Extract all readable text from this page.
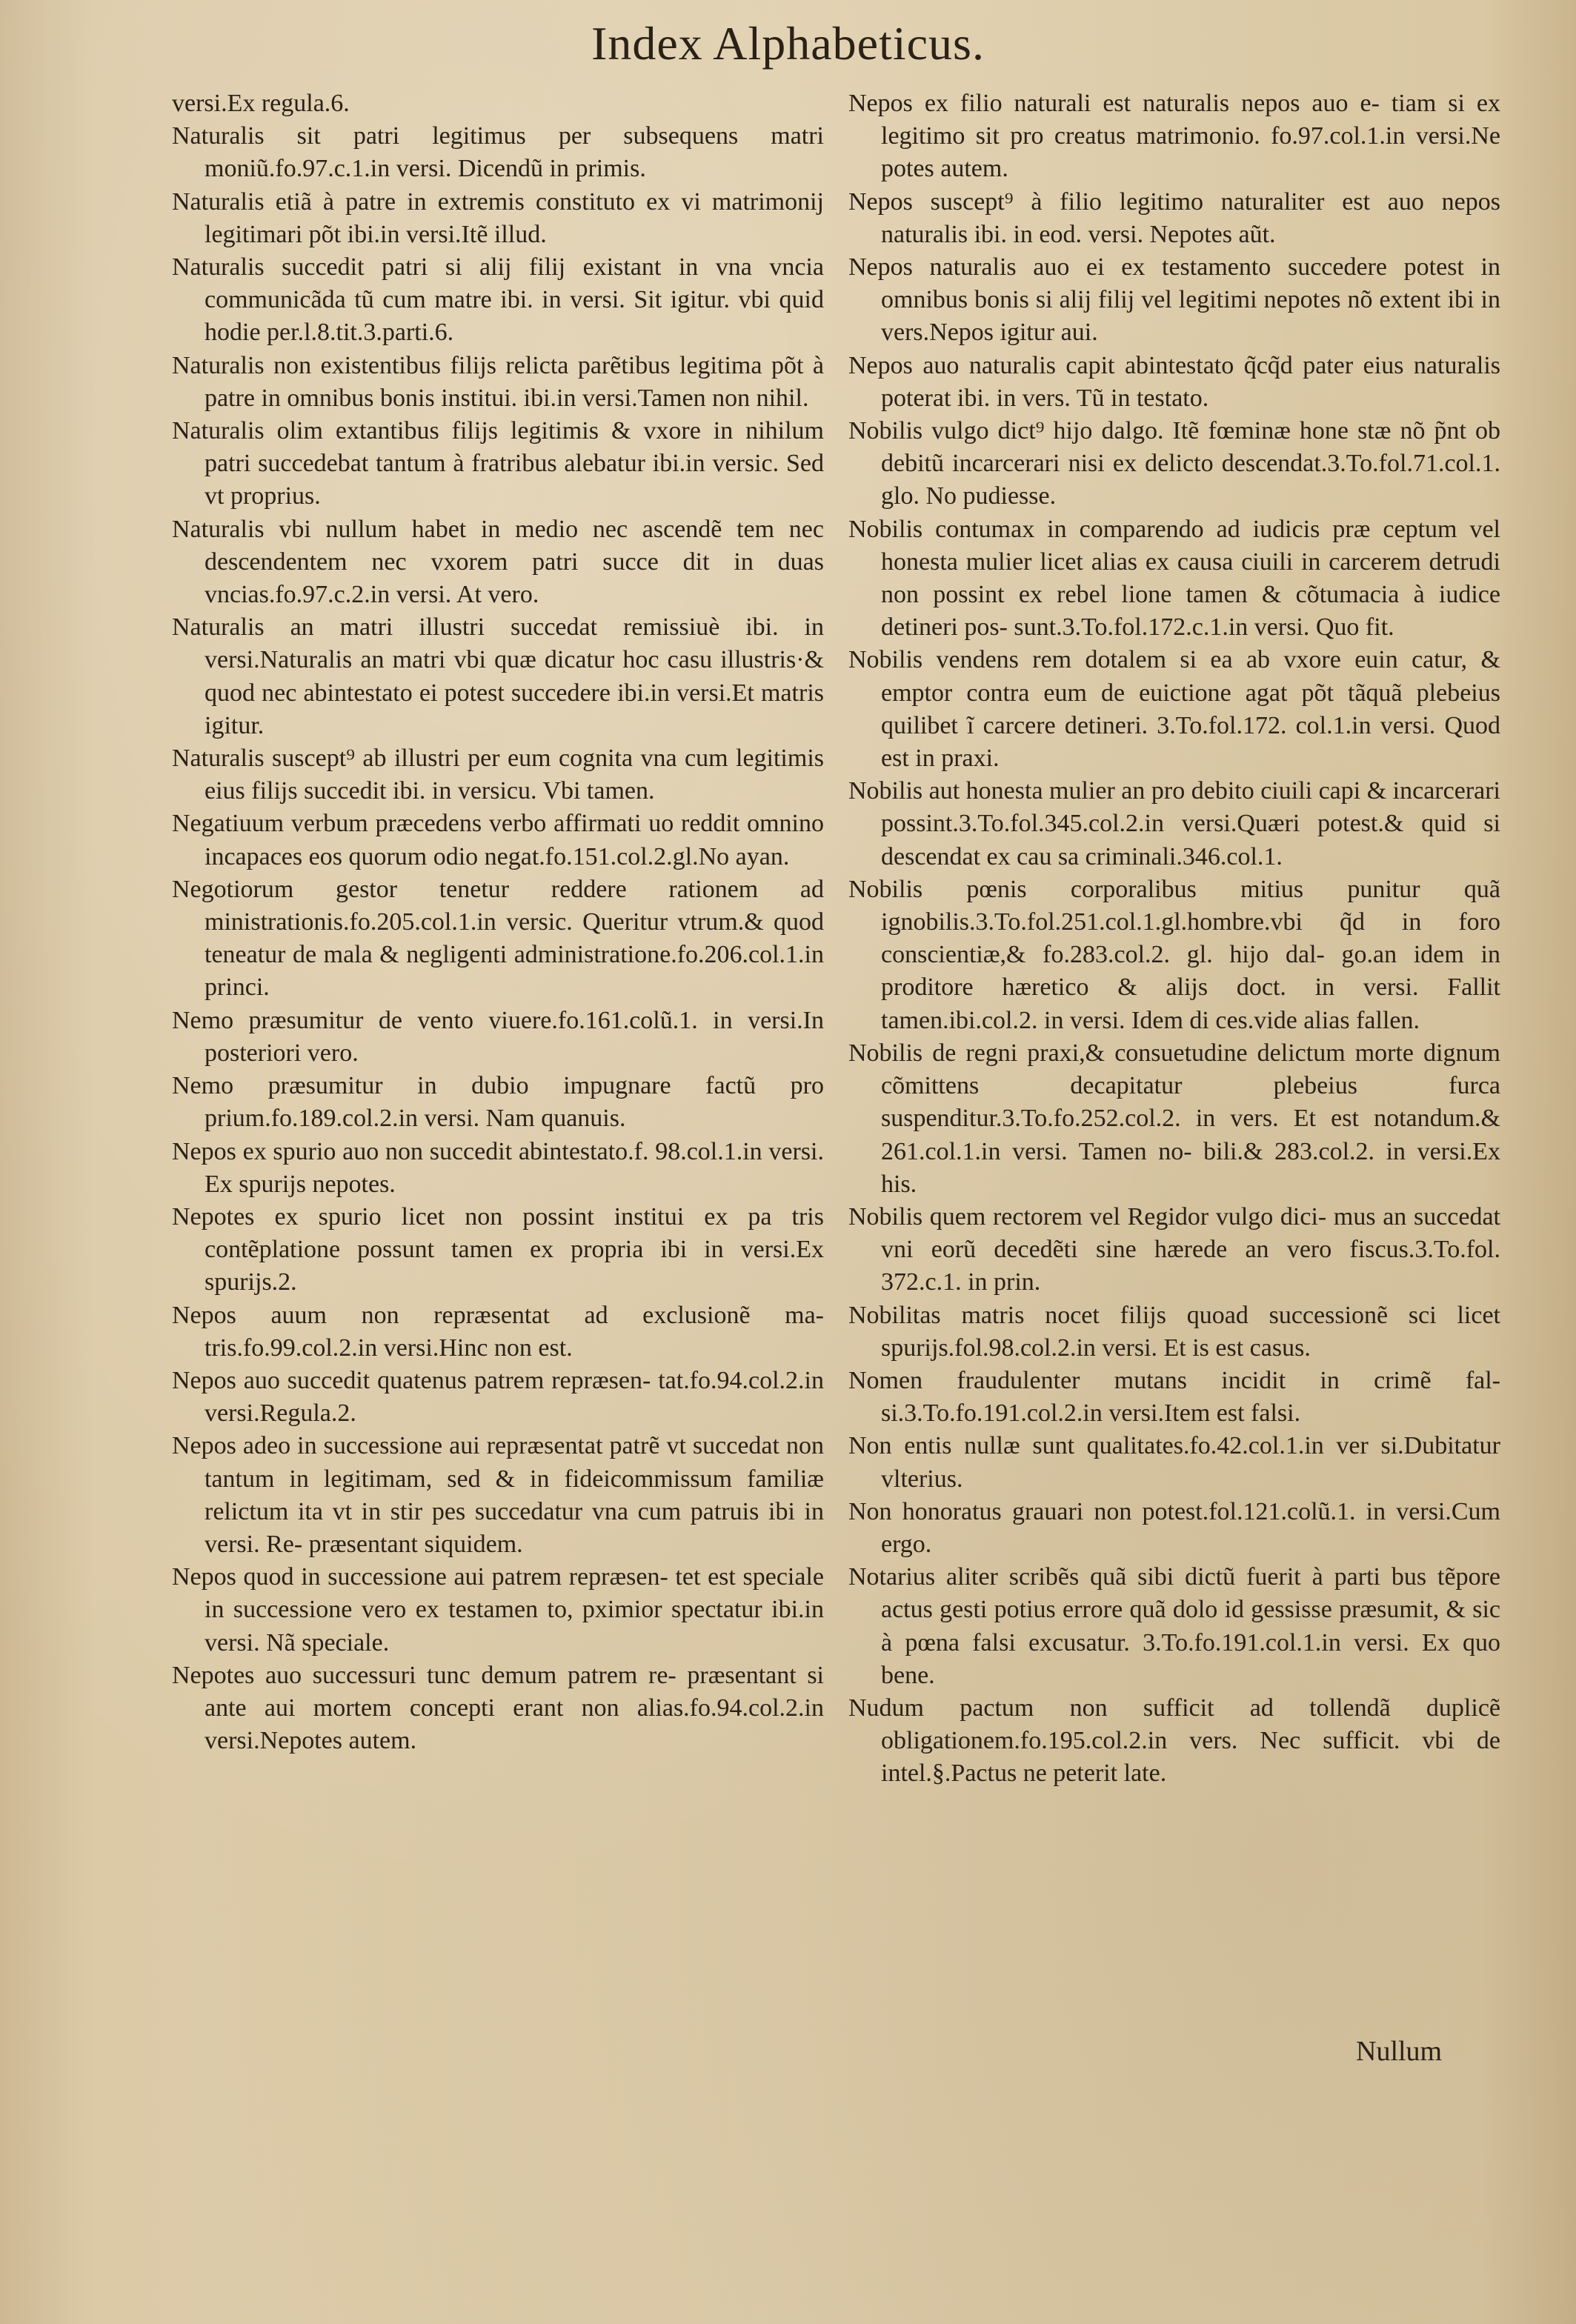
Index Alphabeticus.

versi.Ex regula.6.

Naturalis sit patri legitimus per subsequens matri moniũ.fo.97.c.1.in versi. Dicendũ in primis.

Naturalis etiã à patre in extremis constituto ex vi matrimonij legitimari põt ibi.in versi.Itẽ illud.

Naturalis succedit patri si alij filij existant in vna vncia communicãda tũ cum matre ibi. in versi. Sit igitur. vbi quid hodie per.l.8.tit.3.parti.6.

Naturalis non existentibus filijs relicta parẽtibus legitima põt à patre in omnibus bonis institui. ibi.in versi.Tamen non nihil.

Naturalis olim extantibus filijs legitimis & vxore in nihilum patri succedebat tantum à fratribus alebatur ibi.in versic. Sed vt proprius.

Naturalis vbi nullum habet in medio nec ascendẽ tem nec descendentem nec vxorem patri succe dit in duas vncias.fo.97.c.2.in versi. At vero.

Naturalis an matri illustri succedat remissiuè ibi. in versi.Naturalis an matri vbi quæ dicatur hoc casu illustris·& quod nec abintestato ei potest succedere ibi.in versi.Et matris igitur.

Naturalis suscept⁹ ab illustri per eum cognita vna cum legitimis eius filijs succedit ibi. in versicu. Vbi tamen.

Negatiuum verbum præcedens verbo affirmati uo reddit omnino incapaces eos quorum odio negat.fo.151.col.2.gl.No ayan.

Negotiorum gestor tenetur reddere rationem ad ministrationis.fo.205.col.1.in versic. Queritur vtrum.& quod teneatur de mala & negligenti administratione.fo.206.col.1.in princi.

Nemo præsumitur de vento viuere.fo.161.colũ.1. in versi.In posteriori vero.

Nemo præsumitur in dubio impugnare factũ pro prium.fo.189.col.2.in versi. Nam quanuis.

Nepos ex spurio auo non succedit abintestato.f. 98.col.1.in versi. Ex spurijs nepotes.

Nepotes ex spurio licet non possint institui ex pa tris contẽplatione possunt tamen ex propria ibi in versi.Ex spurijs.2.

Nepos auum non repræsentat ad exclusionẽ ma- tris.fo.99.col.2.in versi.Hinc non est.

Nepos auo succedit quatenus patrem repræsen- tat.fo.94.col.2.in versi.Regula.2.

Nepos adeo in successione aui repræsentat patrẽ vt succedat non tantum in legitimam, sed & in fideicommissum familiæ relictum ita vt in stir pes succedatur vna cum patruis ibi in versi. Re- præsentant siquidem.

Nepos quod in successione aui patrem repræsen- tet est speciale in successione vero ex testamen to, pximior spectatur ibi.in versi. Nã speciale.

Nepotes auo successuri tunc demum patrem re- præsentant si ante aui mortem concepti erant non alias.fo.94.col.2.in versi.Nepotes autem.

Nepos ex filio naturali est naturalis nepos auo e- tiam si ex legitimo sit pro creatus matrimonio. fo.97.col.1.in versi.Ne potes autem.

Nepos suscept⁹ à filio legitimo naturaliter est auo nepos naturalis ibi. in eod. versi. Nepotes aũt.

Nepos naturalis auo ei ex testamento succedere potest in omnibus bonis si alij filij vel legitimi nepotes nõ extent ibi in vers.Nepos igitur aui.

Nepos auo naturalis capit abintestato q̃cq̃d pater eius naturalis poterat ibi. in vers. Tũ in testato.

Nobilis vulgo dict⁹ hijo dalgo. Itẽ fœminæ hone stæ nõ p̃nt ob debitũ incarcerari nisi ex delicto descendat.3.To.fol.71.col.1. glo. No pudiesse.

Nobilis contumax in comparendo ad iudicis præ ceptum vel honesta mulier licet alias ex causa ciuili in carcerem detrudi non possint ex rebel lione tamen & cõtumacia à iudice detineri pos- sunt.3.To.fol.172.c.1.in versi. Quo fit.

Nobilis vendens rem dotalem si ea ab vxore euin catur, & emptor contra eum de euictione agat põt tãquã plebeius quilibet ĩ carcere detineri. 3.To.fol.172. col.1.in versi. Quod est in praxi.

Nobilis aut honesta mulier an pro debito ciuili capi & incarcerari possint.3.To.fol.345.col.2.in versi.Quæri potest.& quid si descendat ex cau sa criminali.346.col.1.

Nobilis pœnis corporalibus mitius punitur quã ignobilis.3.To.fol.251.col.1.gl.hombre.vbi q̃d in foro conscientiæ,& fo.283.col.2. gl. hijo dal- go.an idem in proditore hæretico & alijs doct. in versi. Fallit tamen.ibi.col.2. in versi. Idem di ces.vide alias fallen.

Nobilis de regni praxi,& consuetudine delictum morte dignum cõmittens decapitatur plebeius furca suspenditur.3.To.fo.252.col.2. in vers. Et est notandum.& 261.col.1.in versi. Tamen no- bili.& 283.col.2. in versi.Ex his.

Nobilis quem rectorem vel Regidor vulgo dici- mus an succedat vni eorũ decedẽti sine hærede an vero fiscus.3.To.fol. 372.c.1. in prin.

Nobilitas matris nocet filijs quoad successionẽ sci licet spurijs.fol.98.col.2.in versi. Et is est casus.

Nomen fraudulenter mutans incidit in crimẽ fal- si.3.To.fo.191.col.2.in versi.Item est falsi.

Non entis nullæ sunt qualitates.fo.42.col.1.in ver si.Dubitatur vlterius.

Non honoratus grauari non potest.fol.121.colũ.1. in versi.Cum ergo.

Notarius aliter scribẽs quã sibi dictũ fuerit à parti bus tẽpore actus gesti potius errore quã dolo id gessisse præsumit, & sic à pœna falsi excusatur. 3.To.fo.191.col.1.in versi. Ex quo bene.

Nudum pactum non sufficit ad tollendã duplicẽ obligationem.fo.195.col.2.in vers. Nec sufficit. vbi de intel.§.Pactus ne peterit late.

Nullum
